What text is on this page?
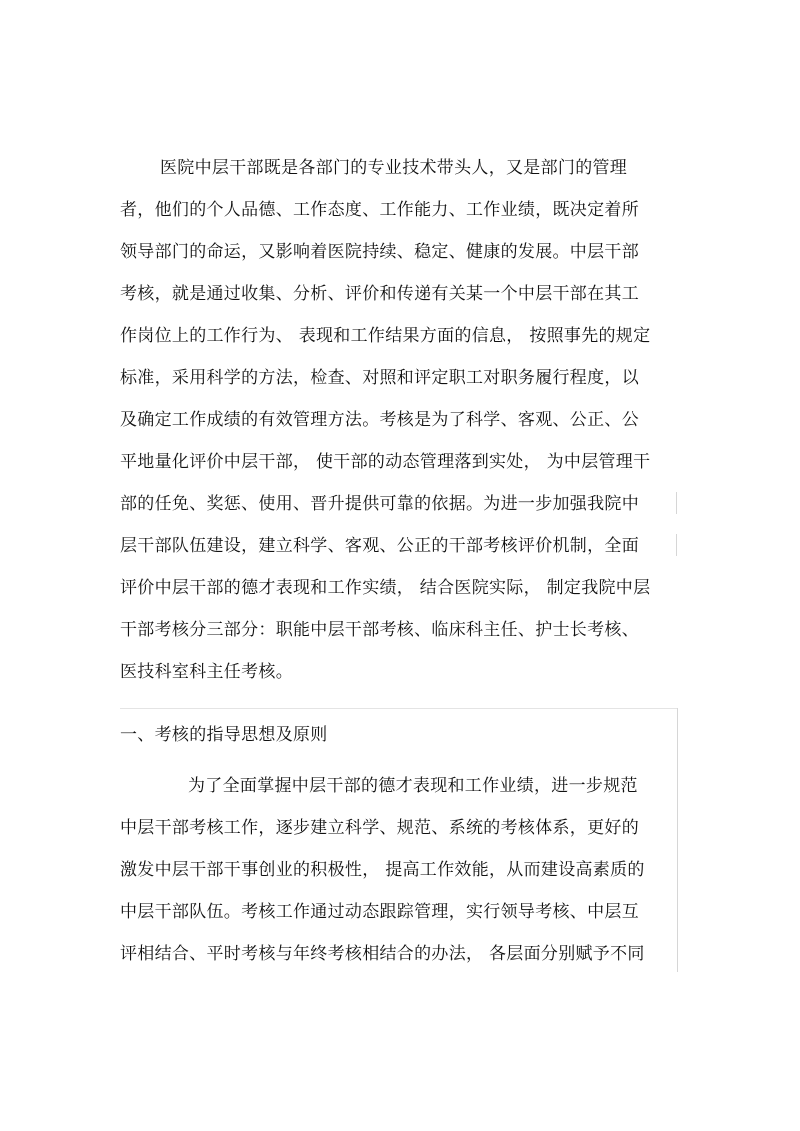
医院中层干部既是各部门的专业技术带头人，又是部门的管理
者，他们的个人品德、工作态度、工作能力、工作业绩，既决定着所
领导部门的命运，又影响着医院持续、稳定、健康的发展。中层干部
考核，就是通过收集、分析、评价和传递有关某一个中层干部在其工
作岗位上的工作行为、 表现和工作结果方面的信息， 按照事先的规定
标准，采用科学的方法，检查、对照和评定职工对职务履行程度，以
及确定工作成绩的有效管理方法。考核是为了科学、客观、公正、公
平地量化评价中层干部， 使干部的动态管理落到实处， 为中层管理干
部的任免、奖惩、使用、晋升提供可靠的依据。为进一步加强我院中
层干部队伍建设，建立科学、客观、公正的干部考核评价机制，全面
评价中层干部的德才表现和工作实绩， 结合医院实际， 制定我院中层
干部考核分三部分：职能中层干部考核、临床科主任、护士长考核、
医技科室科主任考核。
一、考核的指导思想及原则
为了全面掌握中层干部的德才表现和工作业绩，进一步规范
中层干部考核工作，逐步建立科学、规范、系统的考核体系，更好的
激发中层干部干事创业的积极性， 提高工作效能，从而建设高素质的
中层干部队伍。考核工作通过动态跟踪管理，实行领导考核、中层互
评相结合、平时考核与年终考核相结合的办法， 各层面分别赋予不同
